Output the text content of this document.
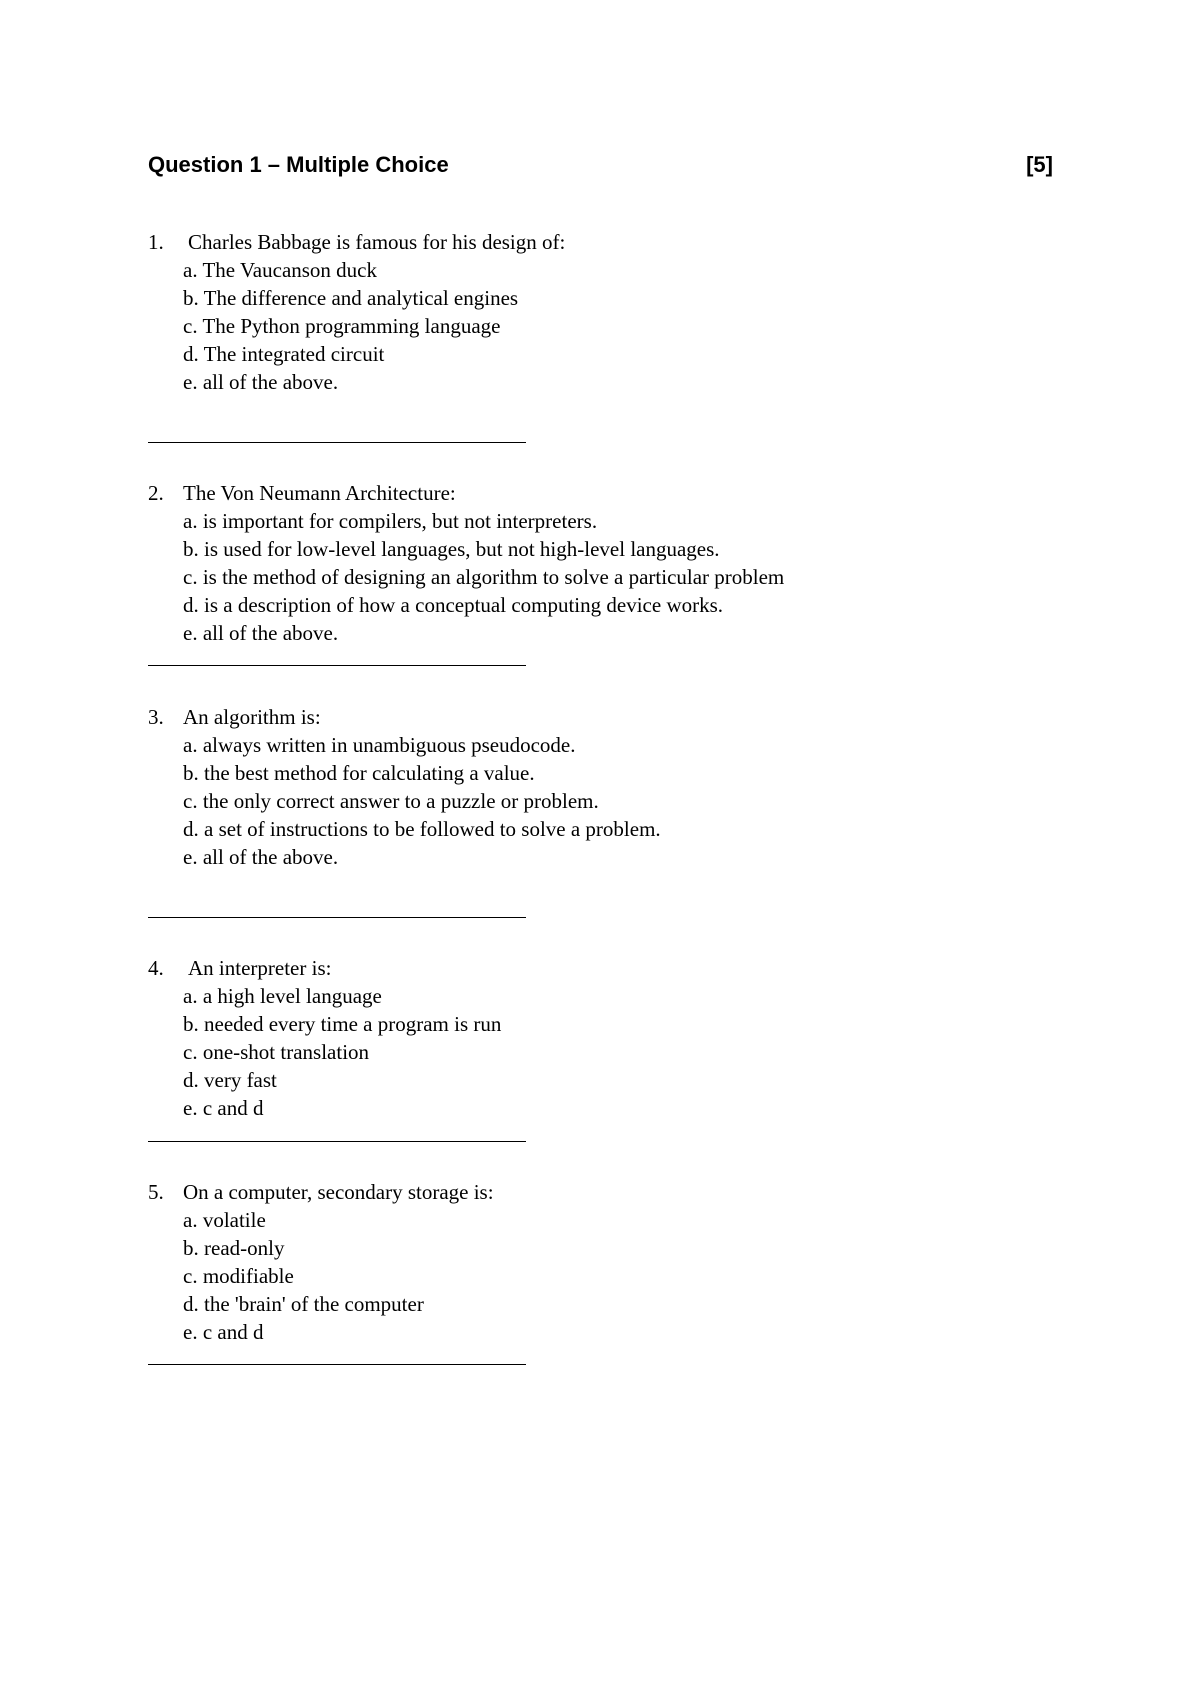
Question 1 – Multiple Choice	[5]
1. Charles Babbage is famous for his design of:
a. The Vaucanson duck
b. The difference and analytical engines
c. The Python programming language
d. The integrated circuit
e. all of the above.
2. The Von Neumann Architecture:
a. is important for compilers, but not interpreters.
b. is used for low-level languages, but not high-level languages.
c. is the method of designing an algorithm to solve a particular problem
d. is a description of how a conceptual computing device works.
e. all of the above.
3. An algorithm is:
a. always written in unambiguous pseudocode.
b. the best method for calculating a value.
c. the only correct answer to a puzzle or problem.
d. a set of instructions to be followed to solve a problem.
e. all of the above.
4. An interpreter is:
a. a high level language
b. needed every time a program is run
c. one-shot translation
d. very fast
e. c and d
5. On a computer, secondary storage is:
a. volatile
b. read-only
c. modifiable
d. the 'brain' of the computer
e. c and d
